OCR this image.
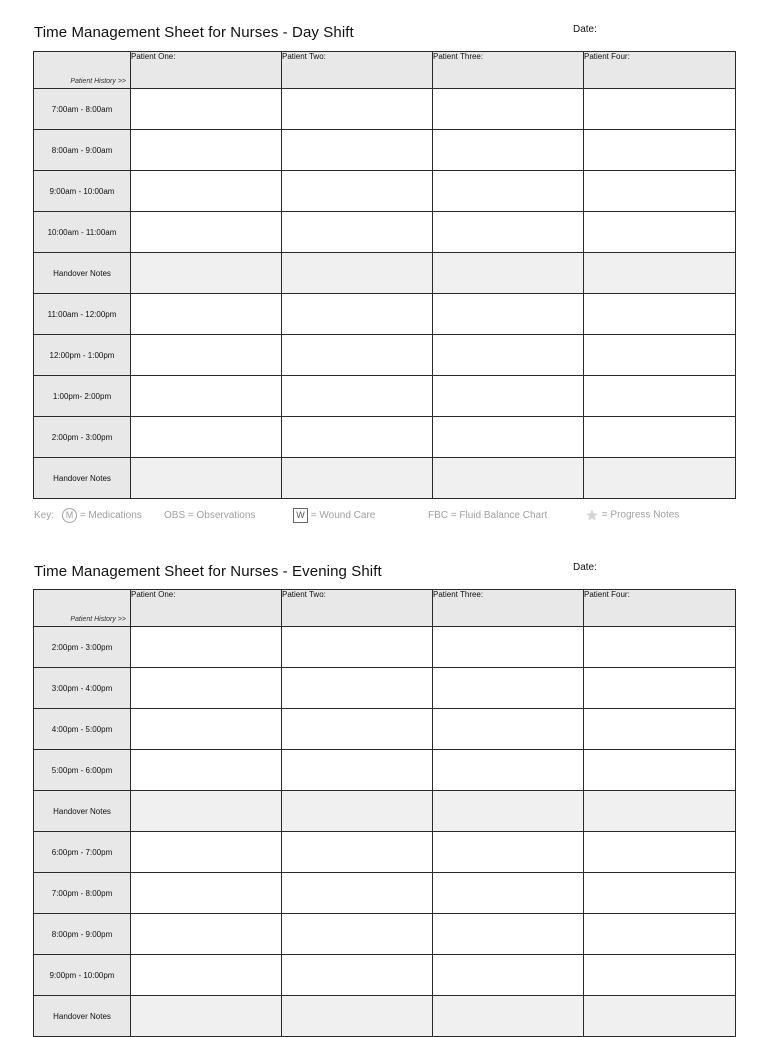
Time Management Sheet for Nurses - Day Shift	Date:
Patient History >>	Patient One:	Patient Two:	Patient Three:	Patient Four:
7:00am - 8:00am				
8:00am - 9:00am				
9:00am - 10:00am				
10:00am - 11:00am				
Handover Notes				
11:00am - 12:00pm				
12:00pm - 1:00pm				
1:00pm- 2:00pm				
2:00pm - 3:00pm				
Handover Notes				
Key:	M = Medications OBS = Observations	W = Wound Care	FBC = Fluid Balance Chart	= Progress Notes
Time Management Sheet for Nurses - Evening Shift	Date:
Patient History >>	Patient One:	Patient Two:	Patient Three:	Patient Four:
2:00pm - 3:00pm				
3:00pm - 4:00pm				
4:00pm - 5:00pm				
5:00pm - 6:00pm				
Handover Notes				
6:00pm - 7:00pm				
7:00pm - 8:00pm				
8:00pm - 9:00pm				
9:00pm - 10:00pm				
Handover Notes				
